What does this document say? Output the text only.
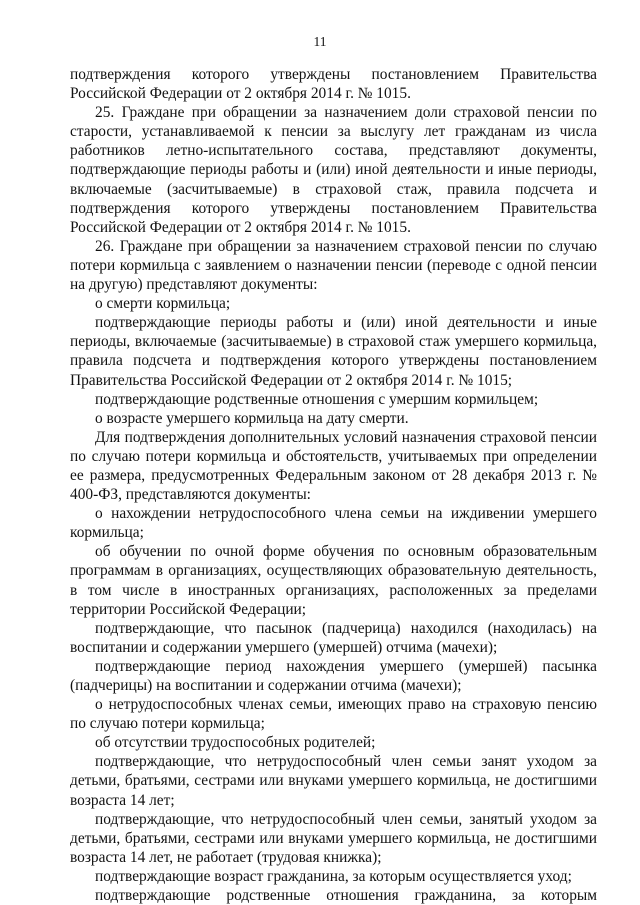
11

подтверждения которого утверждены постановлением Правительства Российской Федерации от 2 октября 2014 г. № 1015.

25. Граждане при обращении за назначением доли страховой пенсии по старости, устанавливаемой к пенсии за выслугу лет гражданам из числа работников летно-испытательного состава, представляют документы, подтверждающие периоды работы и (или) иной деятельности и иные периоды, включаемые (засчитываемые) в страховой стаж, правила подсчета и подтверждения которого утверждены постановлением Правительства Российской Федерации от 2 октября 2014 г. № 1015.

26. Граждане при обращении за назначением страховой пенсии по случаю потери кормильца с заявлением о назначении пенсии (переводе с одной пенсии на другую) представляют документы:

о смерти кормильца;

подтверждающие периоды работы и (или) иной деятельности и иные периоды, включаемые (засчитываемые) в страховой стаж умершего кормильца, правила подсчета и подтверждения которого утверждены постановлением Правительства Российской Федерации от 2 октября 2014 г. № 1015;

подтверждающие родственные отношения с умершим кормильцем;

о возрасте умершего кормильца на дату смерти.

Для подтверждения дополнительных условий назначения страховой пенсии по случаю потери кормильца и обстоятельств, учитываемых при определении ее размера, предусмотренных Федеральным законом от 28 декабря 2013 г. № 400-ФЗ, представляются документы:

о нахождении нетрудоспособного члена семьи на иждивении умершего кормильца;

об обучении по очной форме обучения по основным образовательным программам в организациях, осуществляющих образовательную деятельность, в том числе в иностранных организациях, расположенных за пределами территории Российской Федерации;

подтверждающие, что пасынок (падчерица) находился (находилась) на воспитании и содержании умершего (умершей) отчима (мачехи);

подтверждающие период нахождения умершего (умершей) пасынка (падчерицы) на воспитании и содержании отчима (мачехи);

о нетрудоспособных членах семьи, имеющих право на страховую пенсию по случаю потери кормильца;

об отсутствии трудоспособных родителей;

подтверждающие, что нетрудоспособный член семьи занят уходом за детьми, братьями, сестрами или внуками умершего кормильца, не достигшими возраста 14 лет;

подтверждающие, что нетрудоспособный член семьи, занятый уходом за детьми, братьями, сестрами или внуками умершего кормильца, не достигшими возраста 14 лет, не работает (трудовая книжка);

подтверждающие возраст гражданина, за которым осуществляется уход;

подтверждающие родственные отношения гражданина, за которым
